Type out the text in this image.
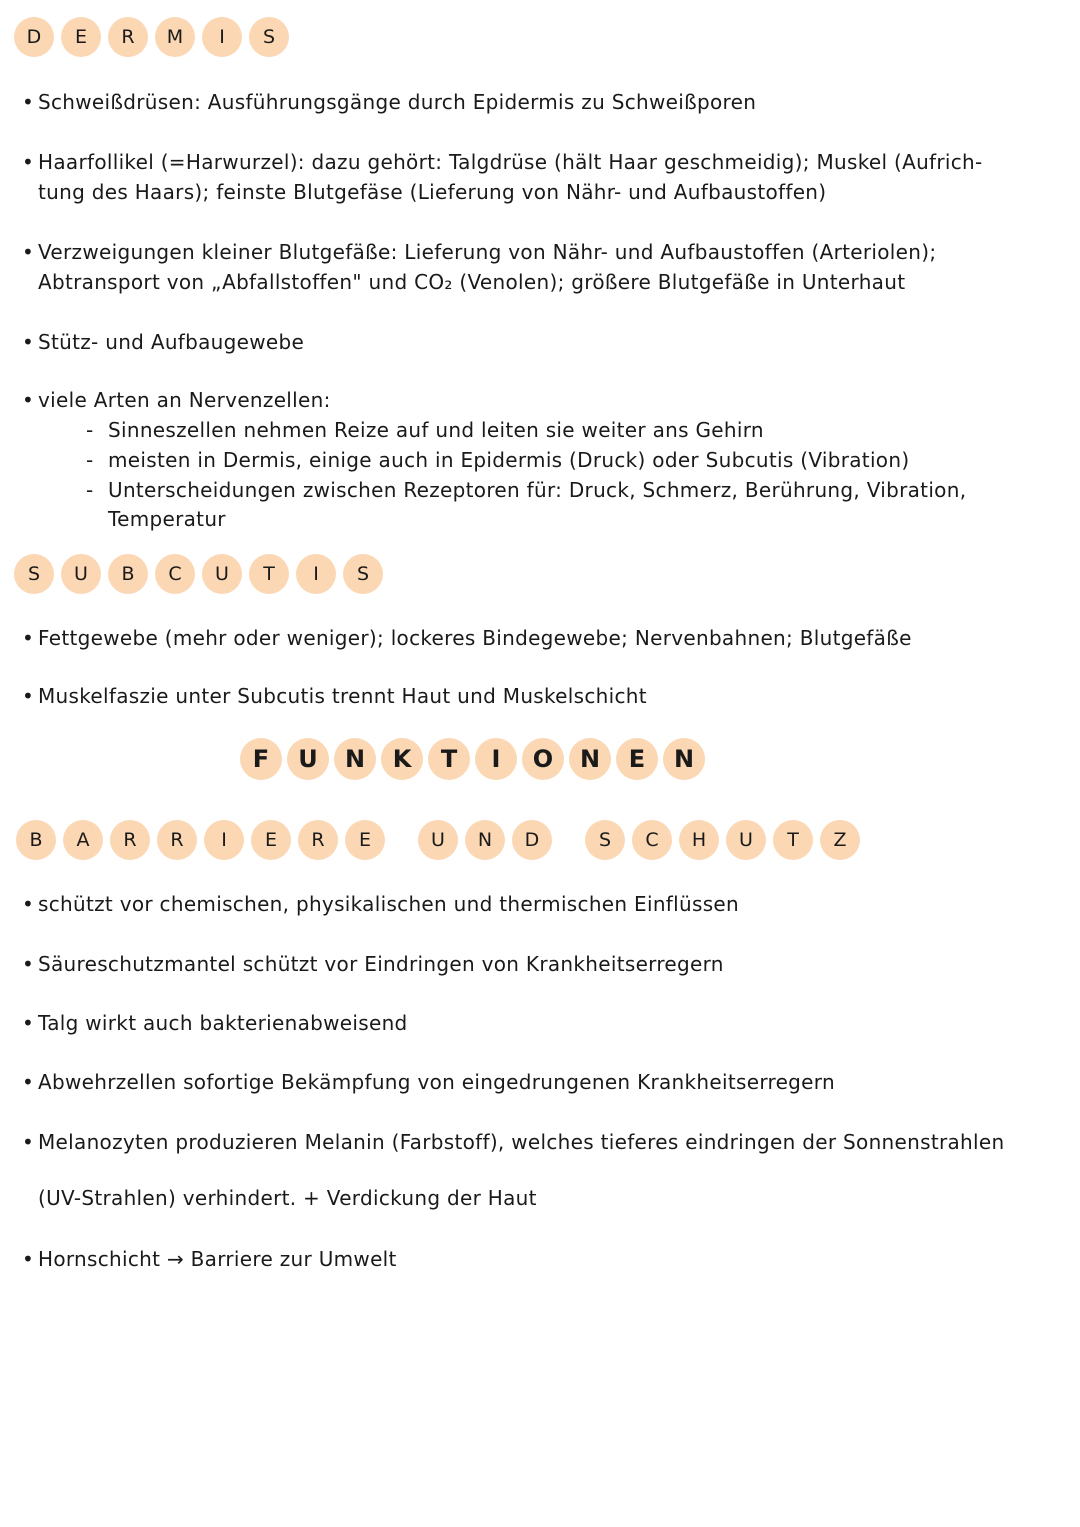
D	E	R	M	I	S
• Schweißdrüsen: Ausführungsgänge durch Epidermis zu Schweißporen
• Haarfollikel (=Harwurzel): dazu gehört: Talgdrüse (hält Haar geschmeidig); Muskel (Aufrich-
tung des Haars); feinste Blutgefäse (Lieferung von Nähr- und Aufbaustoffen)
• Verzweigungen kleiner Blutgefäße: Lieferung von Nähr- und Aufbaustoffen (Arteriolen);
Abtransport von „Abfallstoffen" und CO₂ (Venolen); größere Blutgefäße in Unterhaut
• Stütz- und Aufbaugewebe
• viele Arten an Nervenzellen:
- Sinneszellen nehmen Reize auf und leiten sie weiter ans Gehirn
- meisten in Dermis, einige auch in Epidermis (Druck) oder Subcutis (Vibration)
- Unterscheidungen zwischen Rezeptoren für: Druck, Schmerz, Berührung, Vibration,
Temperatur
S	U	B	C	U	T	I	S
• Fettgewebe (mehr oder weniger); lockeres Bindegewebe; Nervenbahnen; Blutgefäße
• Muskelfaszie unter Subcutis trennt Haut und Muskelschicht
F	U	N	K	T	I	O	N	E	N
B	A	R	R	I	E	R	E	U	N	D	S	C	H	U	T	Z
• schützt vor chemischen, physikalischen und thermischen Einflüssen
• Säureschutzmantel schützt vor Eindringen von Krankheitserregern
• Talg wirkt auch bakterienabweisend
• Abwehrzellen sofortige Bekämpfung von eingedrungenen Krankheitserregern
• Melanozyten produzieren Melanin (Farbstoff), welches tieferes eindringen der Sonnenstrahlen
(UV-Strahlen) verhindert. + Verdickung der Haut
• Hornschicht → Barriere zur Umwelt
